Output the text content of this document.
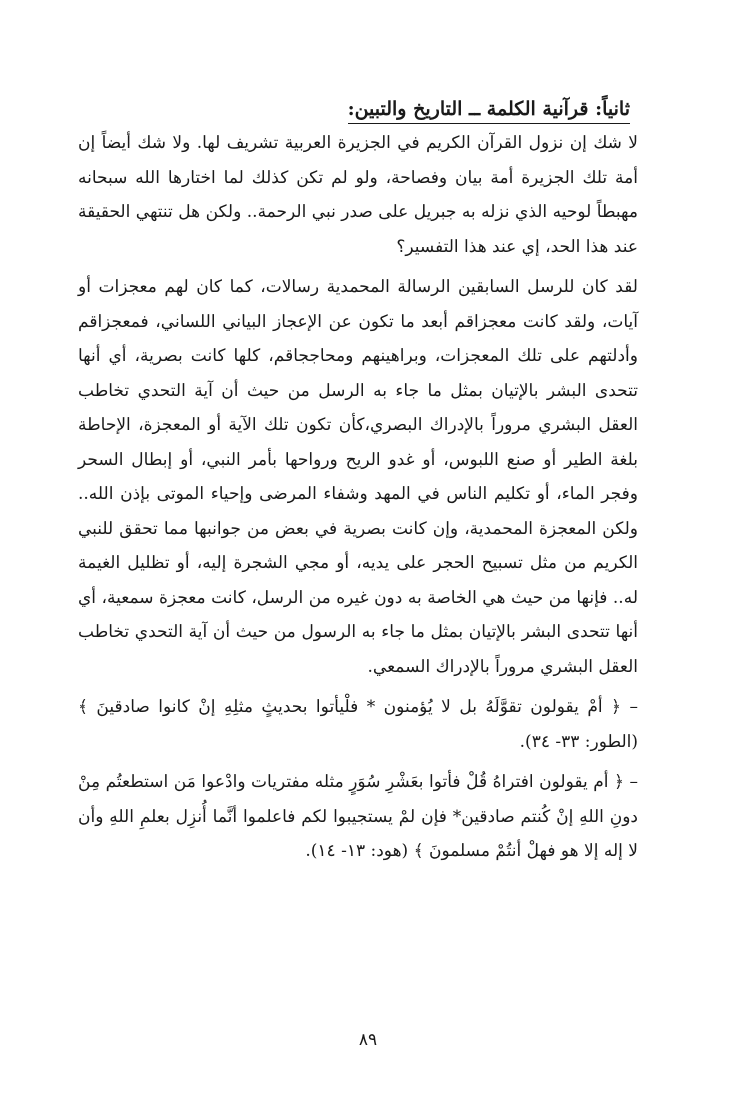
ثانياً: قرآنية الكلمة ــ التاريخ والتبين:

لا شك إن نزول القرآن الكريم في الجزيرة العربية تشريف لها. ولا شك أيضاً إن أمة تلك الجزيرة أمة بيان وفصاحة، ولو لم تكن كذلك لما اختارها الله سبحانه مهبطاً لوحيه الذي نزله به جبريل على صدر نبي الرحمة.. ولكن هل تنتهي الحقيقة عند هذا الحد، إي عند هذا التفسير؟

لقد كان للرسل السابقين الرسالة المحمدية رسالات، كما كان لهم معجزات أو آيات، ولقد كانت معجزاقم أبعد ما تكون عن الإعجاز البياني اللساني، فمعجزاقم وأدلتهم على تلك المعجزات، وبراهينهم ومحاججاقم، كلها كانت بصرية، أي أنها تتحدى البشر بالإتيان بمثل ما جاء به الرسل من حيث أن آية التحدي تخاطب العقل البشري مروراً بالإدراك البصري،كأن تكون تلك الآية أو المعجزة، الإحاطة بلغة الطير أو صنع اللبوس، أو غدو الريح ورواحها بأمر النبي، أو إبطال السحر وفجر الماء، أو تكليم الناس في المهد وشفاء المرضى وإحياء الموتى بإذن الله.. ولكن المعجزة المحمدية، وإن كانت بصرية في بعض من جوانبها مما تحقق للنبي الكريم من مثل تسبيح الحجر على يديه، أو مجي الشجرة إليه، أو تظليل الغيمة له.. فإنها من حيث هي الخاصة به دون غيره من الرسل، كانت معجزة سمعية، أي أنها تتحدى البشر بالإتيان بمثل ما جاء به الرسول من حيث أن آية التحدي تخاطب العقل البشري مروراً بالإدراك السمعي.

– ﴿ أمْ يقولون تقوَّلَهُ بل لا يُؤمنون * فلْيأتوا بحديثٍ مثلِهِ إنْ كانوا صادقينَ ﴾ (الطور: ٣٣- ٣٤).

– ﴿ أم يقولون افتراهُ قُلْ فأتوا بعَشْرِ سُوَرٍ مثله مفتريات وادْعوا مَن استطعتُم مِنْ دونِ اللهِ إنْ كُنتم صادقين* فإن لمْ يستجيبوا لكم فاعلموا أنَّما أُنزِل بعلمِ اللهِ وأن لا إله إلا هو فهلْ أنتُمْ مسلمونَ ﴾ (هود: ١٣- ١٤).

٨٩
